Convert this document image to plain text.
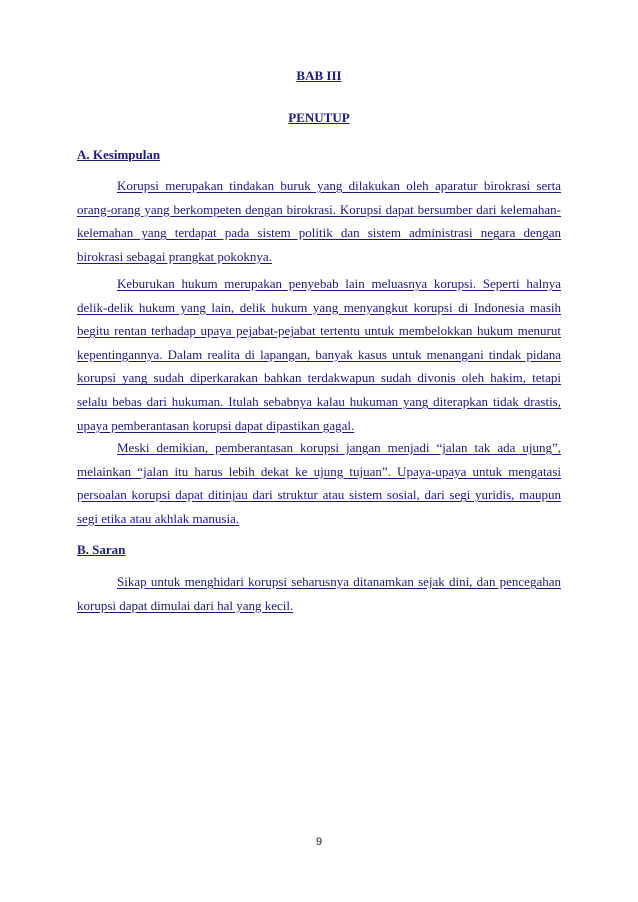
BAB III
PENUTUP
A. Kesimpulan
Korupsi merupakan tindakan buruk yang dilakukan oleh aparatur birokrasi serta orang-orang yang berkompeten dengan birokrasi. Korupsi dapat bersumber dari kelemahan-kelemahan yang terdapat pada sistem politik dan sistem administrasi negara dengan birokrasi sebagai prangkat pokoknya.
Keburukan hukum merupakan penyebab lain meluasnya korupsi. Seperti halnya delik-delik hukum yang lain, delik hukum yang menyangkut korupsi di Indonesia masih begitu rentan terhadap upaya pejabat-pejabat tertentu untuk membelokkan hukum menurut kepentingannya. Dalam realita di lapangan, banyak kasus untuk menangani tindak pidana korupsi yang sudah diperkarakan bahkan terdakwapun sudah divonis oleh hakim, tetapi selalu bebas dari hukuman. Itulah sebabnya kalau hukuman yang diterapkan tidak drastis, upaya pemberantasan korupsi dapat dipastikan gagal.
Meski demikian, pemberantasan korupsi jangan menjadi “jalan tak ada ujung”, melainkan “jalan itu harus lebih dekat ke ujung tujuan”. Upaya-upaya untuk mengatasi persoalan korupsi dapat ditinjau dari struktur atau sistem sosial, dari segi yuridis, maupun segi etika atau akhlak manusia.
B. Saran
Sikap untuk menghidari korupsi seharusnya ditanamkan sejak dini, dan pencegahan korupsi dapat dimulai dari hal yang kecil.
9
